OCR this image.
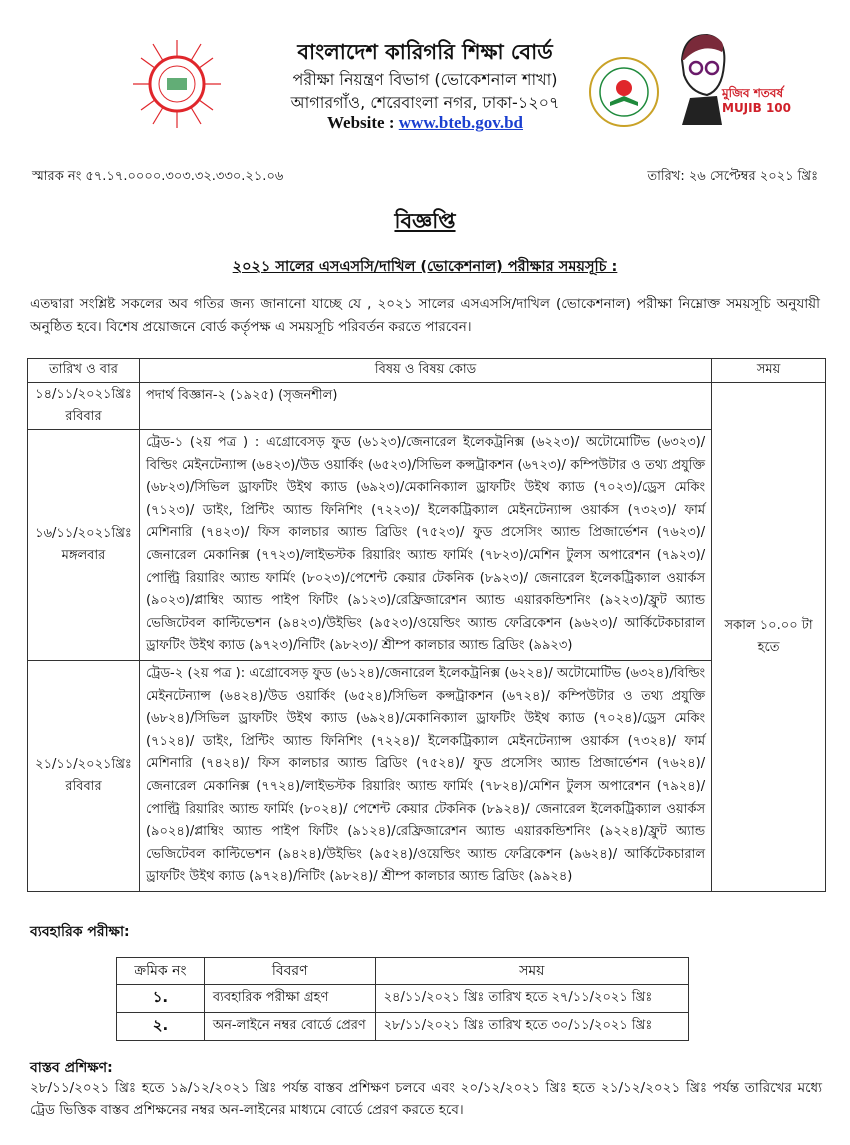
বাংলাদেশ কারিগরি শিক্ষা বোর্ড
পরীক্ষা নিয়ন্ত্রণ বিভাগ (ভোকেশনাল শাখা)
আগারগাঁও, শেরেবাংলা নগর, ঢাকা-১২০৭
Website : www.bteb.gov.bd
মুজিব শতবর্ষ MUJIB 100
স্মারক নং ৫৭.১৭.০০০০.৩০৩.৩২.৩৩০.২১.০৬	তারিখ: ২৬ সেপ্টেম্বর ২০২১ খ্রিঃ
বিজ্ঞপ্তি
২০২১ সালের এসএসসি/দাখিল (ভোকেশনাল) পরীক্ষার সময়সূচি :
এতদ্বারা সংশ্লিষ্ট সকলের অব গতির জন্য জানানো যাচ্ছে যে , ২০২১ সালের এসএসসি/দাখিল (ভোকেশনাল) পরীক্ষা নিম্নোক্ত সময়সূচি অনুযায়ী অনুষ্ঠিত হবে। বিশেষ প্রয়োজনে বোর্ড কর্তৃপক্ষ এ সময়সূচি পরিবর্তন করতে পারবেন।
তারিখ ও বার	বিষয় ও বিষয় কোড	সময়

১৪/১১/২০২১খ্রিঃ
রবিবার	পদার্থ বিজ্ঞান-২ (১৯২৫) (সৃজনশীল)	সকাল ১০.০০ টা হতে

১৬/১১/২০২১খ্রিঃ
মঙ্গলবার	ট্রেড-১ (২য় পত্র ) : এগ্রোবেসড় ফুড (৬১২৩)/জেনারেল ইলেকট্রনিক্স (৬২২৩)/ অটোমোটিভ (৬৩২৩)/বিল্ডিং মেইনটেন্যান্স (৬৪২৩)/উড ওয়ার্কিং (৬৫২৩)/সিভিল কন্সট্রাকশন (৬৭২৩)/ কম্পিউটার ও তথ্য প্রযুক্তি (৬৮২৩)/সিভিল ড্রাফটিং উইথ ক্যাড (৬৯২৩)/মেকানিক্যাল ড্রাফটিং উইথ ক্যাড (৭০২৩)/ড্রেস মেকিং (৭১২৩)/ ডাইং, প্রিন্টিং অ্যান্ড ফিনিশিং (৭২২৩)/ ইলেকট্রিক্যাল মেইনটেন্যান্স ওয়ার্কস (৭৩২৩)/ ফার্ম মেশিনারি (৭৪২৩)/ ফিস কালচার অ্যান্ড ব্রিডিং (৭৫২৩)/ ফুড প্রসেসিং অ্যান্ড প্রিজার্ভেশন (৭৬২৩)/জেনারেল মেকানিক্স (৭৭২৩)/লাইভস্টক রিয়ারিং অ্যান্ড ফার্মিং (৭৮২৩)/মেশিন টুলস অপারেশন (৭৯২৩)/ পোল্ট্রি রিয়ারিং অ্যান্ড ফার্মিং (৮০২৩)/পেশেন্ট কেয়ার টেকনিক (৮৯২৩)/ জেনারেল ইলেকট্রিক্যাল ওয়ার্কস (৯০২৩)/প্লাম্বিং অ্যান্ড পাইপ ফিটিং (৯১২৩)/রেফ্রিজারেশন অ্যান্ড এয়ারকন্ডিশনিং (৯২২৩)/ফ্রুট অ্যান্ড ভেজিটেবল কাল্টিভেশন (৯৪২৩)/উইভিং (৯৫২৩)/ওয়েল্ডিং অ্যান্ড ফেব্রিকেশন (৯৬২৩)/ আর্কিটেকচারাল ড্রাফটিং উইথ ক্যাড (৯৭২৩)/নিটিং (৯৮২৩)/ শ্রীম্প কালচার অ্যান্ড ব্রিডিং (৯৯২৩)	

২১/১১/২০২১খ্রিঃ
রবিবার	ট্রেড-২ (২য় পত্র ): এগ্রোবেসড় ফুড (৬১২৪)/জেনারেল ইলেকট্রনিক্স (৬২২৪)/ অটোমোটিভ (৬৩২৪)/বিল্ডিং মেইনটেন্যান্স (৬৪২৪)/উড ওয়ার্কিং (৬৫২৪)/সিভিল কন্সট্রাকশন (৬৭২৪)/ কম্পিউটার ও তথ্য প্রযুক্তি (৬৮২৪)/সিভিল ড্রাফটিং উইথ ক্যাড (৬৯২৪)/মেকানিক্যাল ড্রাফটিং উইথ ক্যাড (৭০২৪)/ড্রেস মেকিং (৭১২৪)/ ডাইং, প্রিন্টিং অ্যান্ড ফিনিশিং (৭২২৪)/ ইলেকট্রিক্যাল মেইনটেন্যান্স ওয়ার্কস (৭৩২৪)/ ফার্ম মেশিনারি (৭৪২৪)/ ফিস কালচার অ্যান্ড ব্রিডিং (৭৫২৪)/ ফুড প্রসেসিং অ্যান্ড প্রিজার্ভেশন (৭৬২৪)/জেনারেল মেকানিক্স (৭৭২৪)/লাইভস্টক রিয়ারিং অ্যান্ড ফার্মিং (৭৮২৪)/মেশিন টুলস অপারেশন (৭৯২৪)/ পোল্ট্রি রিয়ারিং অ্যান্ড ফার্মিং (৮০২৪)/ পেশেন্ট কেয়ার টেকনিক (৮৯২৪)/ জেনারেল ইলেকট্রিক্যাল ওয়ার্কস (৯০২৪)/প্লাম্বিং অ্যান্ড পাইপ ফিটিং (৯১২৪)/রেফ্রিজারেশন অ্যান্ড এয়ারকন্ডিশনিং (৯২২৪)/ফ্রুট অ্যান্ড ভেজিটেবল কাল্টিভেশন (৯৪২৪)/উইভিং (৯৫২৪)/ওয়েল্ডিং অ্যান্ড ফেব্রিকেশন (৯৬২৪)/ আর্কিটেকচারাল ড্রাফটিং উইথ ক্যাড (৯৭২৪)/নিটিং (৯৮২৪)/ শ্রীম্প কালচার অ্যান্ড ব্রিডিং (৯৯২৪)	
ব্যবহারিক পরীক্ষা:
ক্রমিক নং	বিবরণ	সময়
১.	ব্যবহারিক পরীক্ষা গ্রহণ	২৪/১১/২০২১ খ্রিঃ তারিখ হতে ২৭/১১/২০২১ খ্রিঃ
২.	অন-লাইনে নম্বর বোর্ডে প্রেরণ	২৮/১১/২০২১ খ্রিঃ তারিখ হতে ৩০/১১/২০২১ খ্রিঃ
বাস্তব প্রশিক্ষণ:
২৮/১১/২০২১ খ্রিঃ হতে ১৯/১২/২০২১ খ্রিঃ পর্যন্ত বাস্তব প্রশিক্ষণ চলবে এবং ২০/১২/২০২১ খ্রিঃ হতে ২১/১২/২০২১ খ্রিঃ পর্যন্ত তারিখের মধ্যে ট্রেড ভিত্তিক বাস্তব প্রশিক্ষনের নম্বর অন-লাইনের মাধ্যমে বোর্ডে প্রেরণ করতে হবে।
